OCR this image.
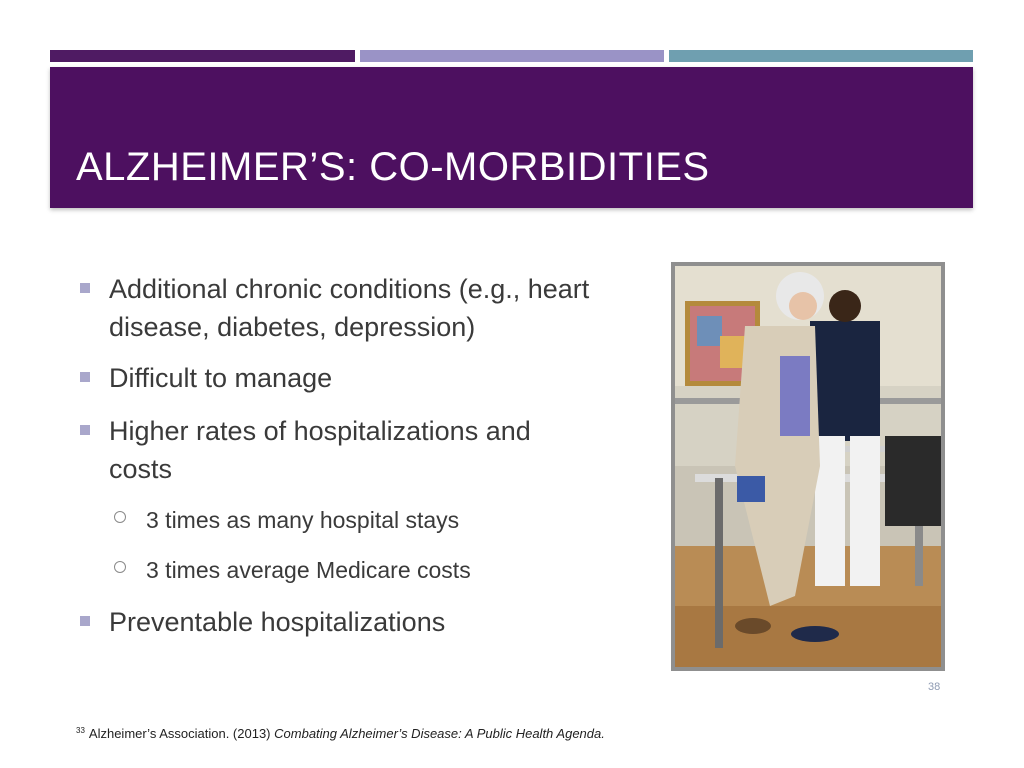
ALZHEIMER’S: CO-MORBIDITIES
Additional chronic conditions (e.g., heart disease, diabetes, depression)
Difficult to manage
Higher rates of hospitalizations and costs
3 times as many hospital stays
3 times average Medicare costs
Preventable hospitalizations
38
$^{33}$ Alzheimer’s Association. (2013) Combating Alzheimer’s Disease: A Public Health Agenda.
